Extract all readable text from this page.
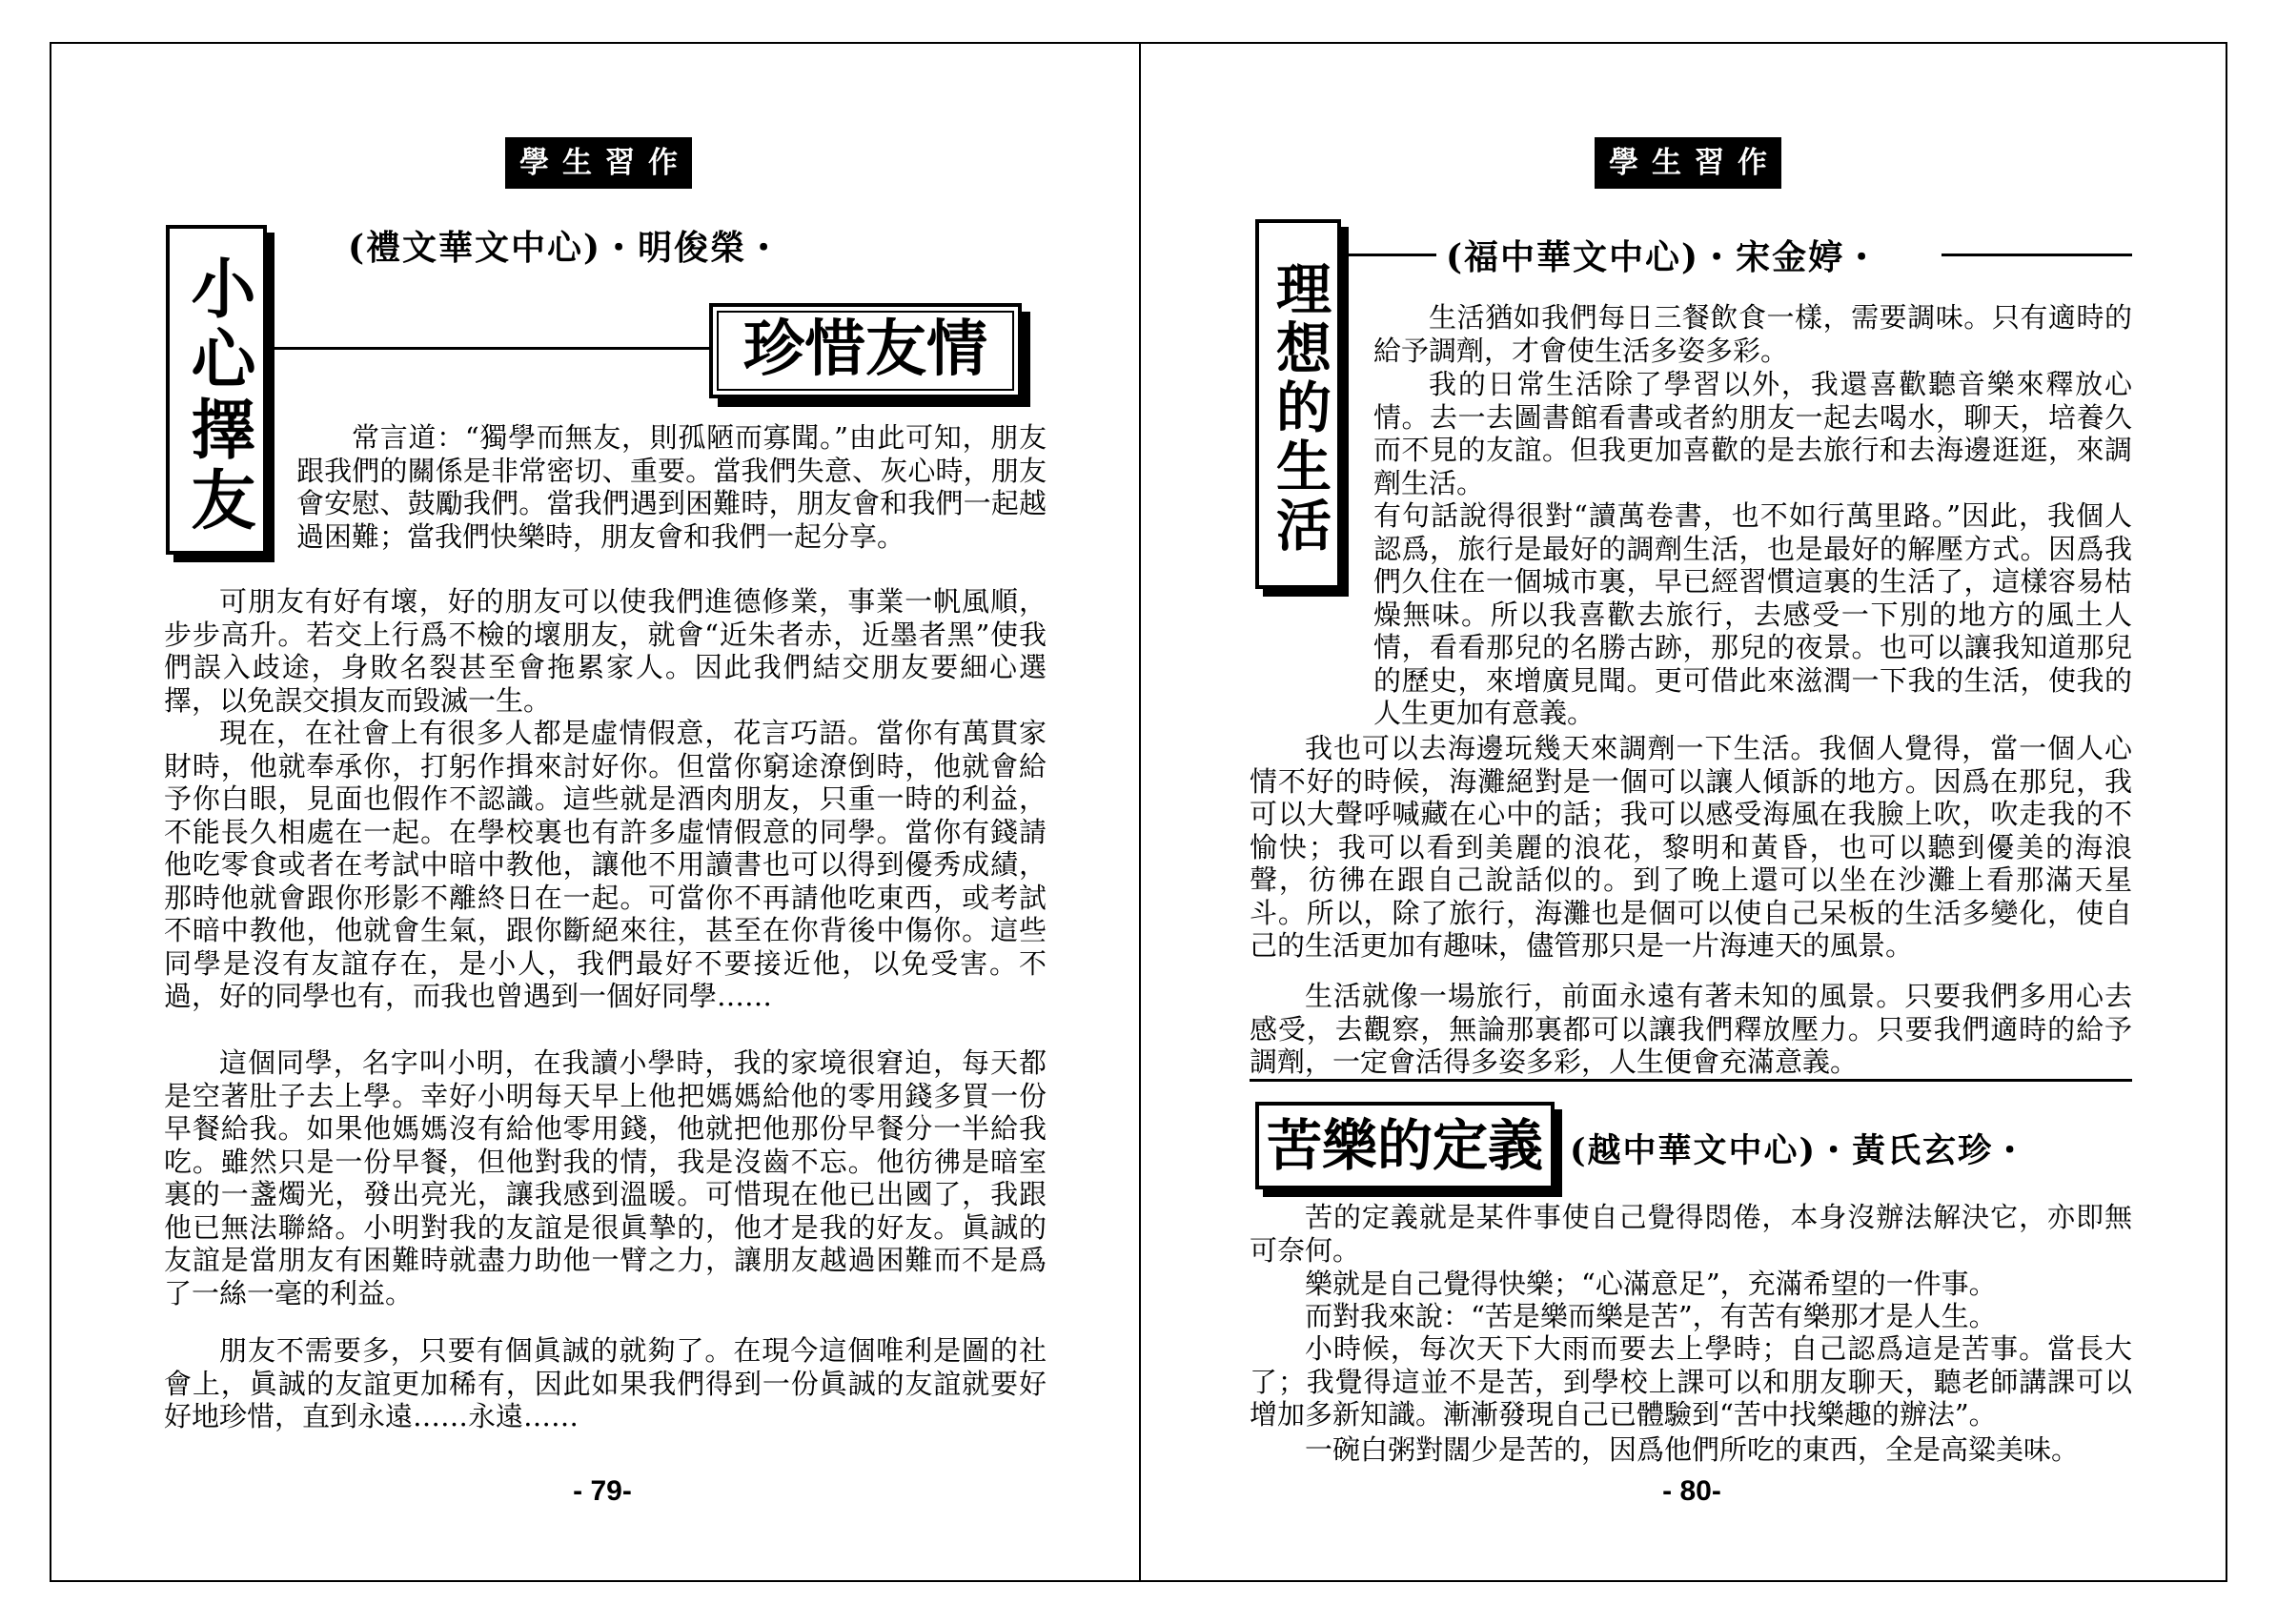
學生習作
(禮文華文中心)・明俊榮・
小心擇友	珍惜友情

常言道：“獨學而無友，則孤陋而寡聞。”由此可知，朋友跟我們的關係是非常密切、重要。當我們失意、灰心時，朋友會安慰、鼓勵我們。當我們遇到困難時，朋友會和我們一起越過困難；當我們快樂時，朋友會和我們一起分享。

可朋友有好有壞，好的朋友可以使我們進德修業，事業一帆風順，步步高升。若交上行爲不檢的壞朋友，就會“近朱者赤，近墨者黑”使我們誤入歧途，身敗名裂甚至會拖累家人。因此我們結交朋友要細心選擇，以免誤交損友而毀滅一生。

現在，在社會上有很多人都是虛情假意，花言巧語。當你有萬貫家財時，他就奉承你，打躬作揖來討好你。但當你窮途潦倒時，他就會給予你白眼，見面也假作不認識。這些就是酒肉朋友，只重一時的利益，不能長久相處在一起。在學校裏也有許多虛情假意的同學。當你有錢請他吃零食或者在考試中暗中教他，讓他不用讀書也可以得到優秀成績，那時他就會跟你形影不離終日在一起。可當你不再請他吃東西，或考試不暗中教他，他就會生氣，跟你斷絕來往，甚至在你背後中傷你。這些同學是沒有友誼存在，是小人，我們最好不要接近他，以免受害。不過，好的同學也有，而我也曾遇到一個好同學……

這個同學，名字叫小明，在我讀小學時，我的家境很窘迫，每天都是空著肚子去上學。幸好小明每天早上他把媽媽給他的零用錢多買一份早餐給我。如果他媽媽沒有給他零用錢，他就把他那份早餐分一半給我吃。雖然只是一份早餐，但他對我的情，我是沒齒不忘。他彷彿是暗室裏的一盞燭光，發出亮光，讓我感到溫暖。可惜現在他已出國了，我跟他已無法聯絡。小明對我的友誼是很眞摯的，他才是我的好友。眞誠的友誼是當朋友有困難時就盡力助他一臂之力，讓朋友越過困難而不是爲了一絲一毫的利益。

朋友不需要多，只要有個眞誠的就夠了。在現今這個唯利是圖的社會上，眞誠的友誼更加稀有，因此如果我們得到一份眞誠的友誼就要好好地珍惜，直到永遠……永遠……

- 79-
學生習作
理想的生活
(福中華文中心)・宋金婷・

生活猶如我們每日三餐飲食一樣，需要調味。只有適時的給予調劑，才會使生活多姿多彩。

我的日常生活除了學習以外，我還喜歡聽音樂來釋放心情。去一去圖書館看書或者約朋友一起去喝水，聊天，培養久而不見的友誼。但我更加喜歡的是去旅行和去海邊逛逛，來調劑生活。

有句話說得很對“讀萬卷書，也不如行萬里路。”因此，我個人認爲，旅行是最好的調劑生活，也是最好的解壓方式。因爲我們久住在一個城市裏，早已經習慣這裏的生活了，這樣容易枯燥無味。所以我喜歡去旅行，去感受一下別的地方的風土人情，看看那兒的名勝古跡，那兒的夜景。也可以讓我知道那兒的歷史，來增廣見聞。更可借此來滋潤一下我的生活，使我的人生更加有意義。

我也可以去海邊玩幾天來調劑一下生活。我個人覺得，當一個人心情不好的時候，海灘絕對是一個可以讓人傾訴的地方。因爲在那兒，我可以大聲呼喊藏在心中的話；我可以感受海風在我臉上吹，吹走我的不愉快；我可以看到美麗的浪花，黎明和黃昏，也可以聽到優美的海浪聲，彷彿在跟自己說話似的。到了晚上還可以坐在沙灘上看那滿天星斗。所以，除了旅行，海灘也是個可以使自己呆板的生活多變化，使自己的生活更加有趣味，儘管那只是一片海連天的風景。

生活就像一場旅行，前面永遠有著未知的風景。只要我們多用心去感受，去觀察，無論那裏都可以讓我們釋放壓力。只要我們適時的給予調劑，一定會活得多姿多彩，人生便會充滿意義。

苦樂的定義 (越中華文中心)・黃氏玄珍・

苦的定義就是某件事使自己覺得悶倦，本身沒辦法解決它，亦即無可奈何。

樂就是自己覺得快樂；“心滿意足”，充滿希望的一件事。

而對我來說：“苦是樂而樂是苦”，有苦有樂那才是人生。

小時候，每次天下大雨而要去上學時；自己認爲這是苦事。當長大了；我覺得這並不是苦，到學校上課可以和朋友聊天，聽老師講課可以增加多新知識。漸漸發現自己已體驗到“苦中找樂趣的辦法”。

一碗白粥對闊少是苦的，因爲他們所吃的東西，全是高粱美味。

- 80-
